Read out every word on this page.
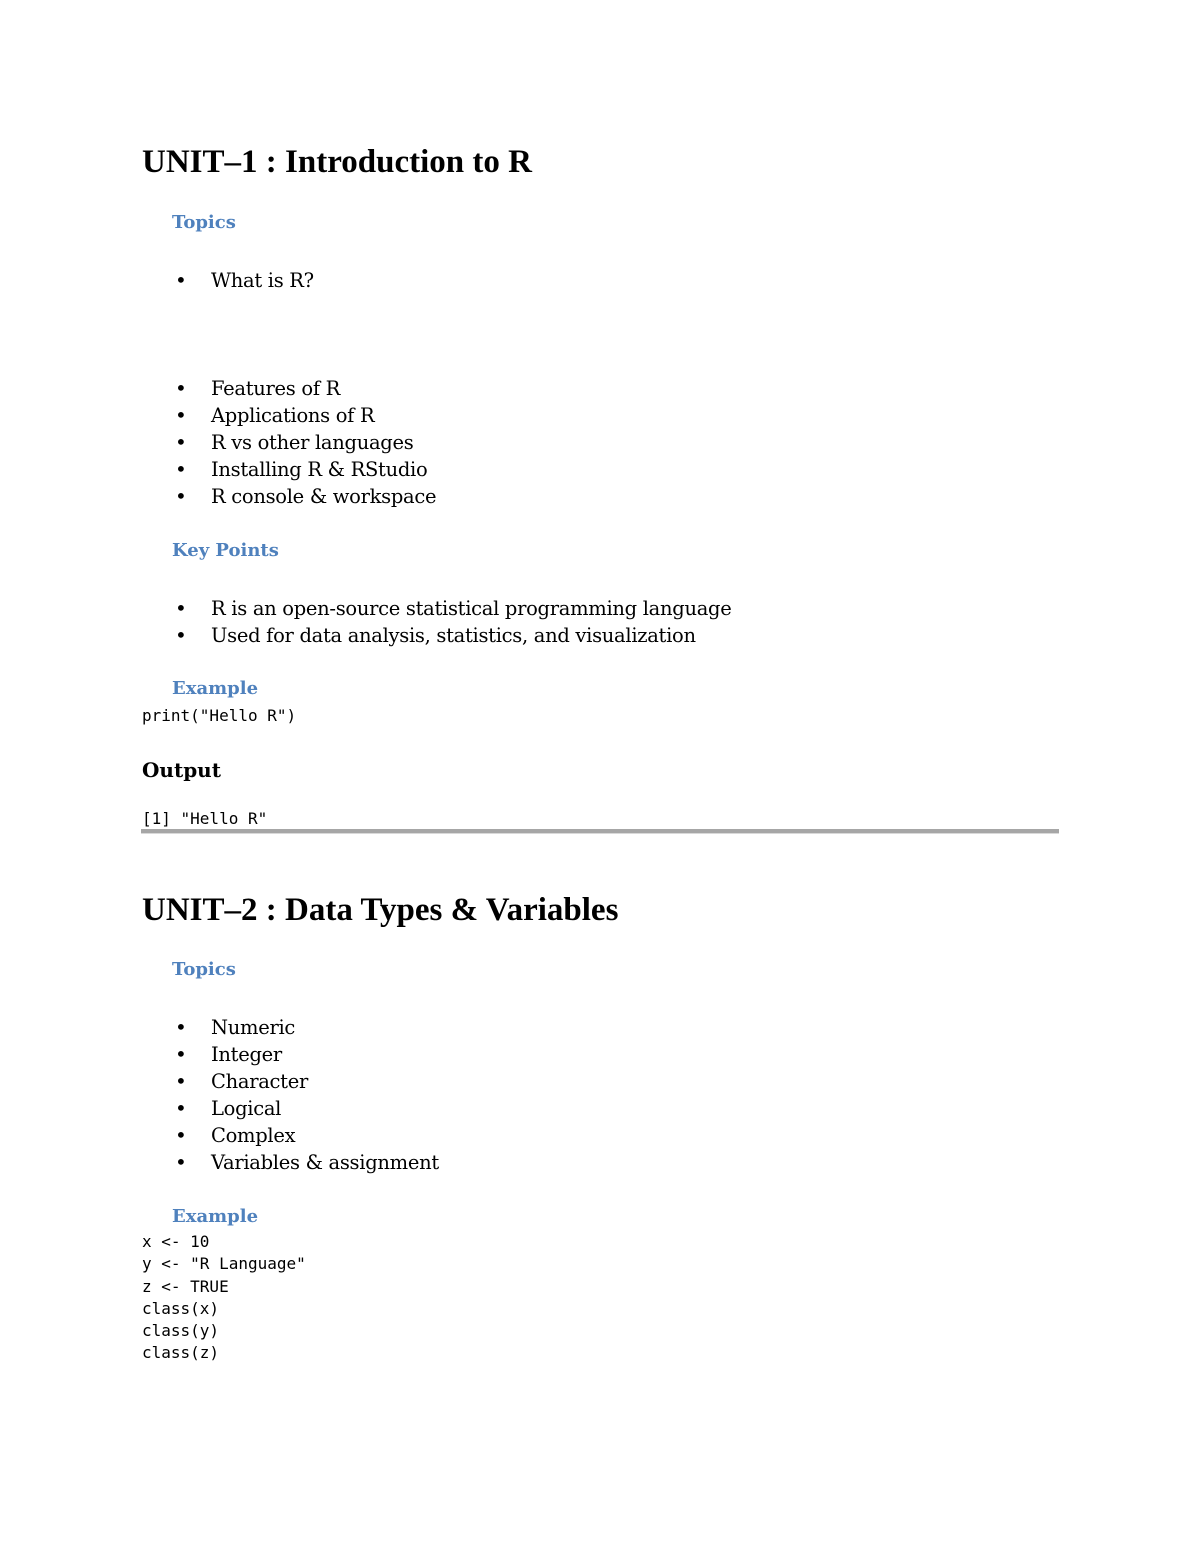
UNIT–1 : Introduction to R
Topics
• What is R?
• Features of R
• Applications of R
• R vs other languages
• Installing R & RStudio
• R console & workspace
Key Points
• R is an open-source statistical programming language
• Used for data analysis, statistics, and visualization
Example
print("Hello R")
Output
[1] "Hello R"
UNIT–2 : Data Types & Variables
Topics
• Numeric
• Integer
• Character
• Logical
• Complex
• Variables & assignment
Example
x <- 10
y <- "R Language"
z <- TRUE
class(x)
class(y)
class(z)
